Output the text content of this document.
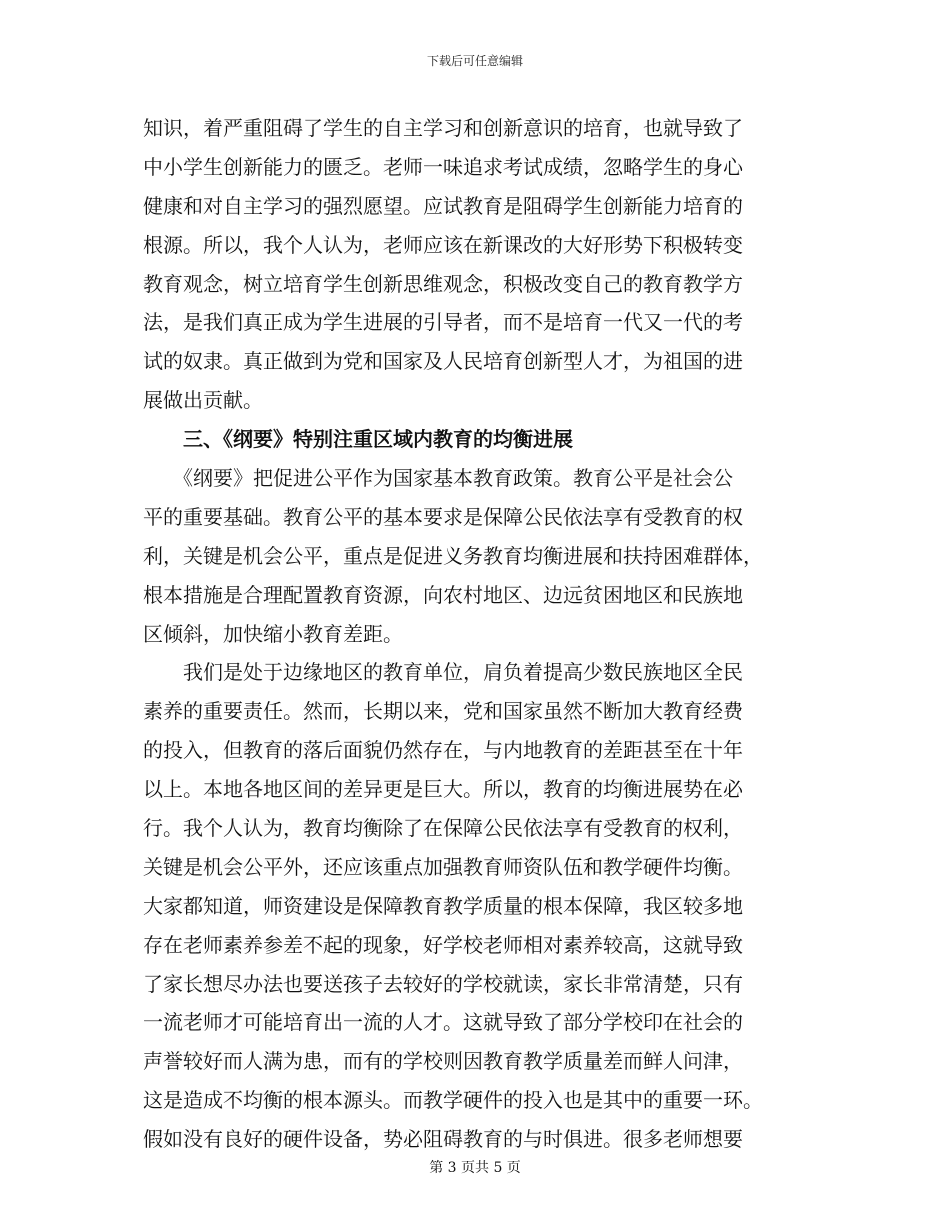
下载后可任意编辑
知识，着严重阻碍了学生的自主学习和创新意识的培育，也就导致了
中小学生创新能力的匮乏。老师一味追求考试成绩，忽略学生的身心
健康和对自主学习的强烈愿望。应试教育是阻碍学生创新能力培育的
根源。所以，我个人认为，老师应该在新课改的大好形势下积极转变
教育观念，树立培育学生创新思维观念，积极改变自己的教育教学方
法，是我们真正成为学生进展的引导者，而不是培育一代又一代的考
试的奴隶。真正做到为党和国家及人民培育创新型人才，为祖国的进
展做出贡献。
　　三、《纲要》特别注重区域内教育的均衡进展
　　《纲要》把促进公平作为国家基本教育政策。教育公平是社会公
平的重要基础。教育公平的基本要求是保障公民依法享有受教育的权
利，关键是机会公平，重点是促进义务教育均衡进展和扶持困难群体，
根本措施是合理配置教育资源，向农村地区、边远贫困地区和民族地
区倾斜，加快缩小教育差距。
　　我们是处于边缘地区的教育单位，肩负着提高少数民族地区全民
素养的重要责任。然而，长期以来，党和国家虽然不断加大教育经费
的投入，但教育的落后面貌仍然存在，与内地教育的差距甚至在十年
以上。本地各地区间的差异更是巨大。所以，教育的均衡进展势在必
行。我个人认为，教育均衡除了在保障公民依法享有受教育的权利，
关键是机会公平外，还应该重点加强教育师资队伍和教学硬件均衡。
大家都知道，师资建设是保障教育教学质量的根本保障，我区较多地
存在老师素养参差不起的现象，好学校老师相对素养较高，这就导致
了家长想尽办法也要送孩子去较好的学校就读，家长非常清楚，只有
一流老师才可能培育出一流的人才。这就导致了部分学校印在社会的
声誉较好而人满为患，而有的学校则因教育教学质量差而鲜人问津，
这是造成不均衡的根本源头。而教学硬件的投入也是其中的重要一环。
假如没有良好的硬件设备，势必阻碍教育的与时俱进。很多老师想要
第 3 页共 5 页
